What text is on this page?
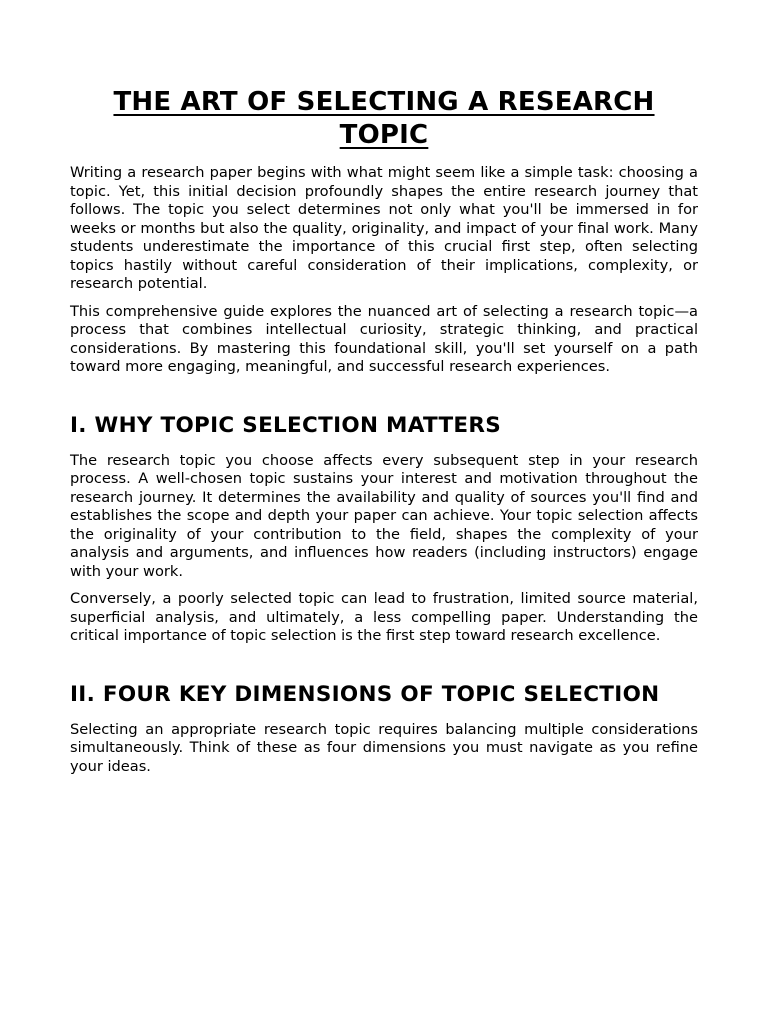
THE ART OF SELECTING A RESEARCH TOPIC

Writing a research paper begins with what might seem like a simple task: choosing a topic. Yet, this initial decision profoundly shapes the entire research journey that follows. The topic you select determines not only what you'll be immersed in for weeks or months but also the quality, originality, and impact of your final work. Many students underestimate the importance of this crucial first step, often selecting topics hastily without careful consideration of their implications, complexity, or research potential.

This comprehensive guide explores the nuanced art of selecting a research topic—a process that combines intellectual curiosity, strategic thinking, and practical considerations. By mastering this foundational skill, you'll set yourself on a path toward more engaging, meaningful, and successful research experiences.

I. WHY TOPIC SELECTION MATTERS

The research topic you choose affects every subsequent step in your research process. A well-chosen topic sustains your interest and motivation throughout the research journey. It determines the availability and quality of sources you'll find and establishes the scope and depth your paper can achieve. Your topic selection affects the originality of your contribution to the field, shapes the complexity of your analysis and arguments, and influences how readers (including instructors) engage with your work.

Conversely, a poorly selected topic can lead to frustration, limited source material, superficial analysis, and ultimately, a less compelling paper. Understanding the critical importance of topic selection is the first step toward research excellence.

II. FOUR KEY DIMENSIONS OF TOPIC SELECTION

Selecting an appropriate research topic requires balancing multiple considerations simultaneously. Think of these as four dimensions you must navigate as you refine your ideas.
